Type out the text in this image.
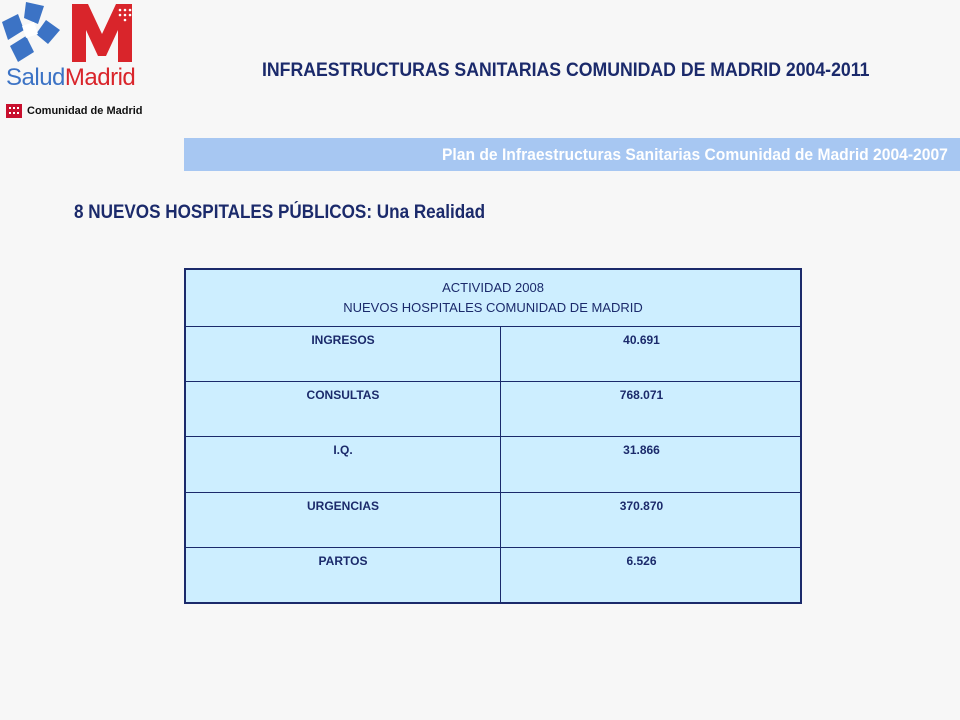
SaludMadrid
Comunidad de Madrid
INFRAESTRUCTURAS SANITARIAS COMUNIDAD DE MADRID 2004-2011
Plan de Infraestructuras Sanitarias Comunidad de Madrid 2004-2007
8 NUEVOS HOSPITALES PÚBLICOS: Una Realidad
ACTIVIDAD 2008
NUEVOS HOSPITALES COMUNIDAD DE MADRID	

INGRESOS	40.691
CONSULTAS	768.071
I.Q.	31.866
URGENCIAS	370.870
PARTOS	6.526
